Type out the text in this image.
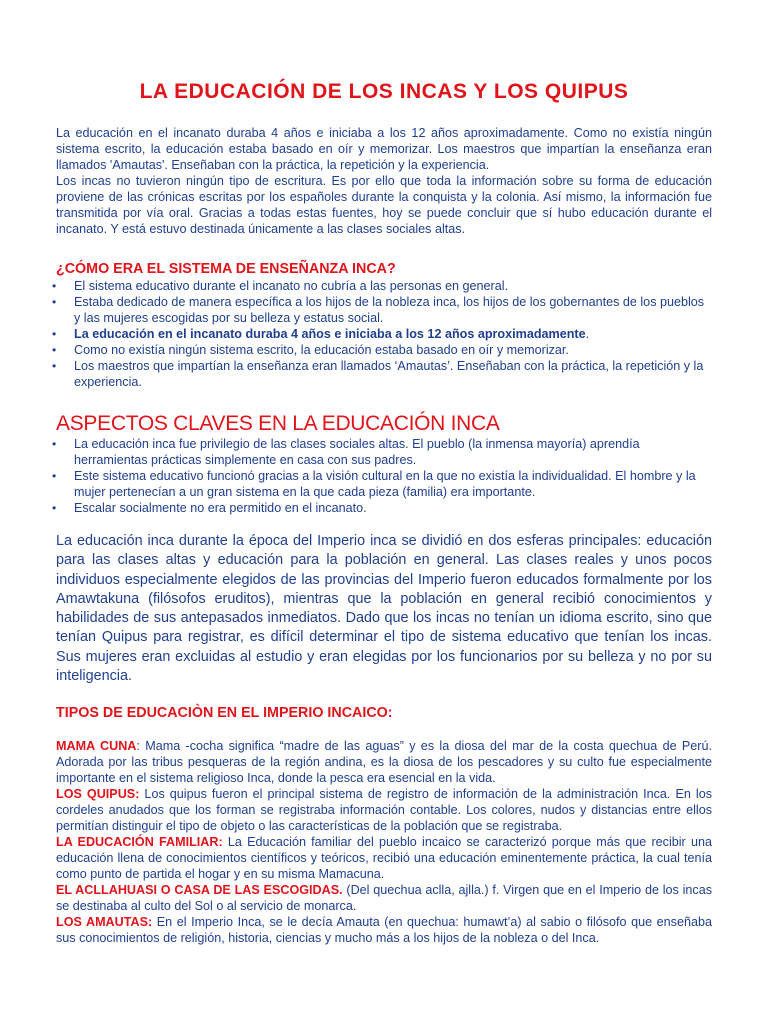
LA EDUCACIÓN DE LOS INCAS Y LOS QUIPUS

La educación en el incanato duraba 4 años e iniciaba a los 12 años aproximadamente. Como no existía ningún sistema escrito, la educación estaba basado en oír y memorizar. Los maestros que impartían la enseñanza eran llamados 'Amautas'. Enseñaban con la práctica, la repetición y la experiencia.

Los incas no tuvieron ningún tipo de escritura. Es por ello que toda la información sobre su forma de educación proviene de las crónicas escritas por los españoles durante la conquista y la colonia. Así mismo, la información fue transmitida por vía oral. Gracias a todas estas fuentes, hoy se puede concluir que sí hubo educación durante el incanato. Y está estuvo destinada únicamente a las clases sociales altas.

¿CÓMO ERA EL SISTEMA DE ENSEÑANZA INCA?
• El sistema educativo durante el incanato no cubría a las personas en general.
• Estaba dedicado de manera específica a los hijos de la nobleza inca, los hijos de los gobernantes de los pueblos y las mujeres escogidas por su belleza y estatus social.
• La educación en el incanato duraba 4 años e iniciaba a los 12 años aproximadamente.
• Como no existía ningún sistema escrito, la educación estaba basado en oír y memorizar.
• Los maestros que impartían la enseñanza eran llamados ‘Amautas’. Enseñaban con la práctica, la repetición y la experiencia.
ASPECTOS CLAVES EN LA EDUCACIÓN INCA
• La educación inca fue privilegio de las clases sociales altas. El pueblo (la inmensa mayoría) aprendía herramientas prácticas simplemente en casa con sus padres.
• Este sistema educativo funcionó gracias a la visión cultural en la que no existía la individualidad. El hombre y la mujer pertenecían a un gran sistema en la que cada pieza (familia) era importante.
• Escalar socialmente no era permitido en el incanato.

La educación inca durante la época del Imperio inca se dividió en dos esferas principales: educación para las clases altas y educación para la población en general. Las clases reales y unos pocos individuos especialmente elegidos de las provincias del Imperio fueron educados formalmente por los Amawtakuna (filósofos eruditos), mientras que la población en general recibió conocimientos y habilidades de sus antepasados inmediatos. Dado que los incas no tenían un idioma escrito, sino que tenían Quipus para registrar, es difícil determinar el tipo de sistema educativo que tenían los incas. Sus mujeres eran excluidas al estudio y eran elegidas por los funcionarios por su belleza y no por su inteligencia.

TIPOS DE EDUCACIÒN EN EL IMPERIO INCAICO:

MAMA CUNA: Mama -cocha significa “madre de las aguas” y es la diosa del mar de la costa quechua de Perú. Adorada por las tribus pesqueras de la región andina, es la diosa de los pescadores y su culto fue especialmente importante en el sistema religioso Inca, donde la pesca era esencial en la vida.

LOS QUIPUS: Los quipus fueron el principal sistema de registro de información de la administración Inca. En los cordeles anudados que los forman se registraba información contable. Los colores, nudos y distancias entre ellos permitían distinguir el tipo de objeto o las características de la población que se registraba.

LA EDUCACIÓN FAMILIAR: La Educación familiar del pueblo incaico se caracterizó porque más que recibir una educación llena de conocimientos científicos y teóricos, recibió una educación eminentemente práctica, la cual tenía como punto de partida el hogar y en su misma Mamacuna.

EL ACLLAHUASI O CASA DE LAS ESCOGIDAS. (Del quechua aclla, ajlla.) f. Virgen que en el Imperio de los incas se destinaba al culto del Sol o al servicio de monarca.

LOS AMAUTAS: En el Imperio Inca, se le decía Amauta (en quechua: humawt’a) al sabio o filósofo que enseñaba sus conocimientos de religión, historia, ciencias y mucho más a los hijos de la nobleza o del Inca.
